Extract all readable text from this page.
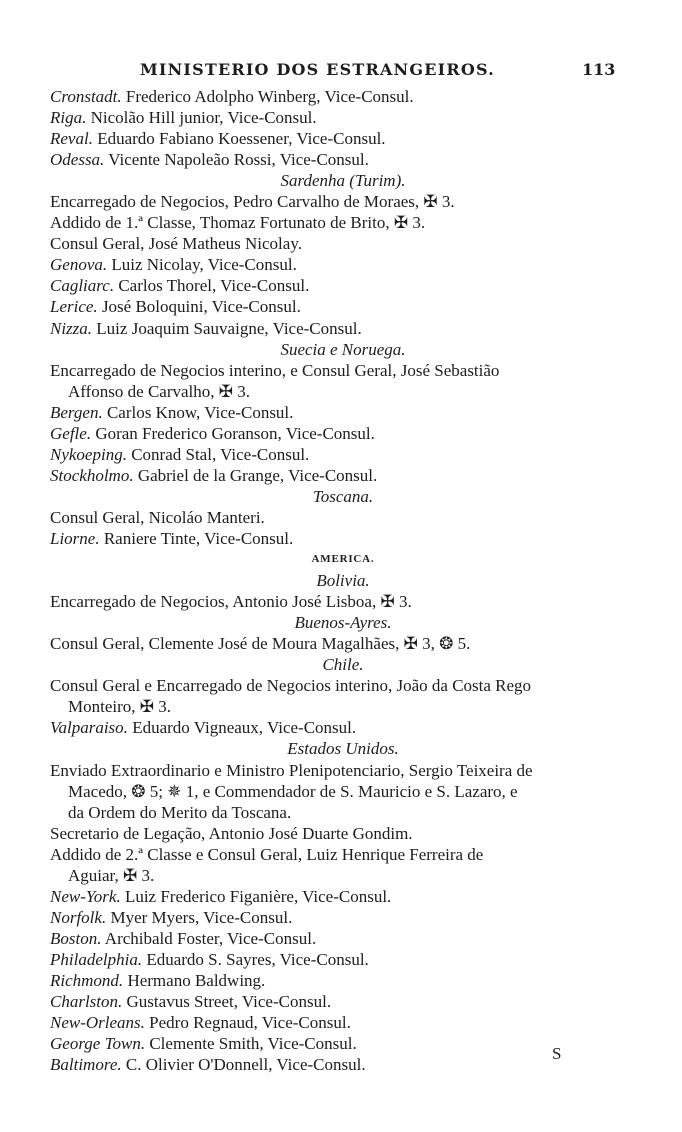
MINISTERIO DOS ESTRANGEIROS.	113
Cronstadt. Frederico Adolpho Winberg, Vice-Consul.
Riga. Nicolão Hill junior, Vice-Consul.
Reval. Eduardo Fabiano Koessener, Vice-Consul.
Odessa. Vicente Napoleão Rossi, Vice-Consul.
Sardenha (Turim).
Encarregado de Negocios, Pedro Carvalho de Moraes, ✠ 3.
Addido de 1.ª Classe, Thomaz Fortunato de Brito, ✠ 3.
Consul Geral, José Matheus Nicolay.
Genova. Luiz Nicolay, Vice-Consul.
Cagliarc. Carlos Thorel, Vice-Consul.
Lerice. José Boloquini, Vice-Consul.
Nizza. Luiz Joaquim Sauvaigne, Vice-Consul.
Suecia e Noruega.
Encarregado de Negocios interino, e Consul Geral, José Sebastião
Affonso de Carvalho, ✠ 3.
Bergen. Carlos Know, Vice-Consul.
Gefle. Goran Frederico Goranson, Vice-Consul.
Nykoeping. Conrad Stal, Vice-Consul.
Stockholmo. Gabriel de la Grange, Vice-Consul.
Toscana.
Consul Geral, Nicoláo Manteri.
Liorne. Raniere Tinte, Vice-Consul.
AMERICA.
Bolivia.
Encarregado de Negocios, Antonio José Lisboa, ✠ 3.
Buenos-Ayres.
Consul Geral, Clemente José de Moura Magalhães, ✠ 3, ❂ 5.
Chile.
Consul Geral e Encarregado de Negocios interino, João da Costa Rego
Monteiro, ✠ 3.
Valparaiso. Eduardo Vigneaux, Vice-Consul.
Estados Unidos.
Enviado Extraordinario e Ministro Plenipotenciario, Sergio Teixeira de
Macedo, ❂ 5; ✵ 1, e Commendador de S. Mauricio e S. Lazaro, e
da Ordem do Merito da Toscana.
Secretario de Legação, Antonio José Duarte Gondim.
Addido de 2.ª Classe e Consul Geral, Luiz Henrique Ferreira de
Aguiar, ✠ 3.
New-York. Luiz Frederico Figanière, Vice-Consul.
Norfolk. Myer Myers, Vice-Consul.
Boston. Archibald Foster, Vice-Consul.
Philadelphia. Eduardo S. Sayres, Vice-Consul.
Richmond. Hermano Baldwing.
Charlston. Gustavus Street, Vice-Consul.
New-Orleans. Pedro Regnaud, Vice-Consul.
George Town. Clemente Smith, Vice-Consul.
Baltimore. C. Olivier O'Donnell, Vice-Consul.
S
